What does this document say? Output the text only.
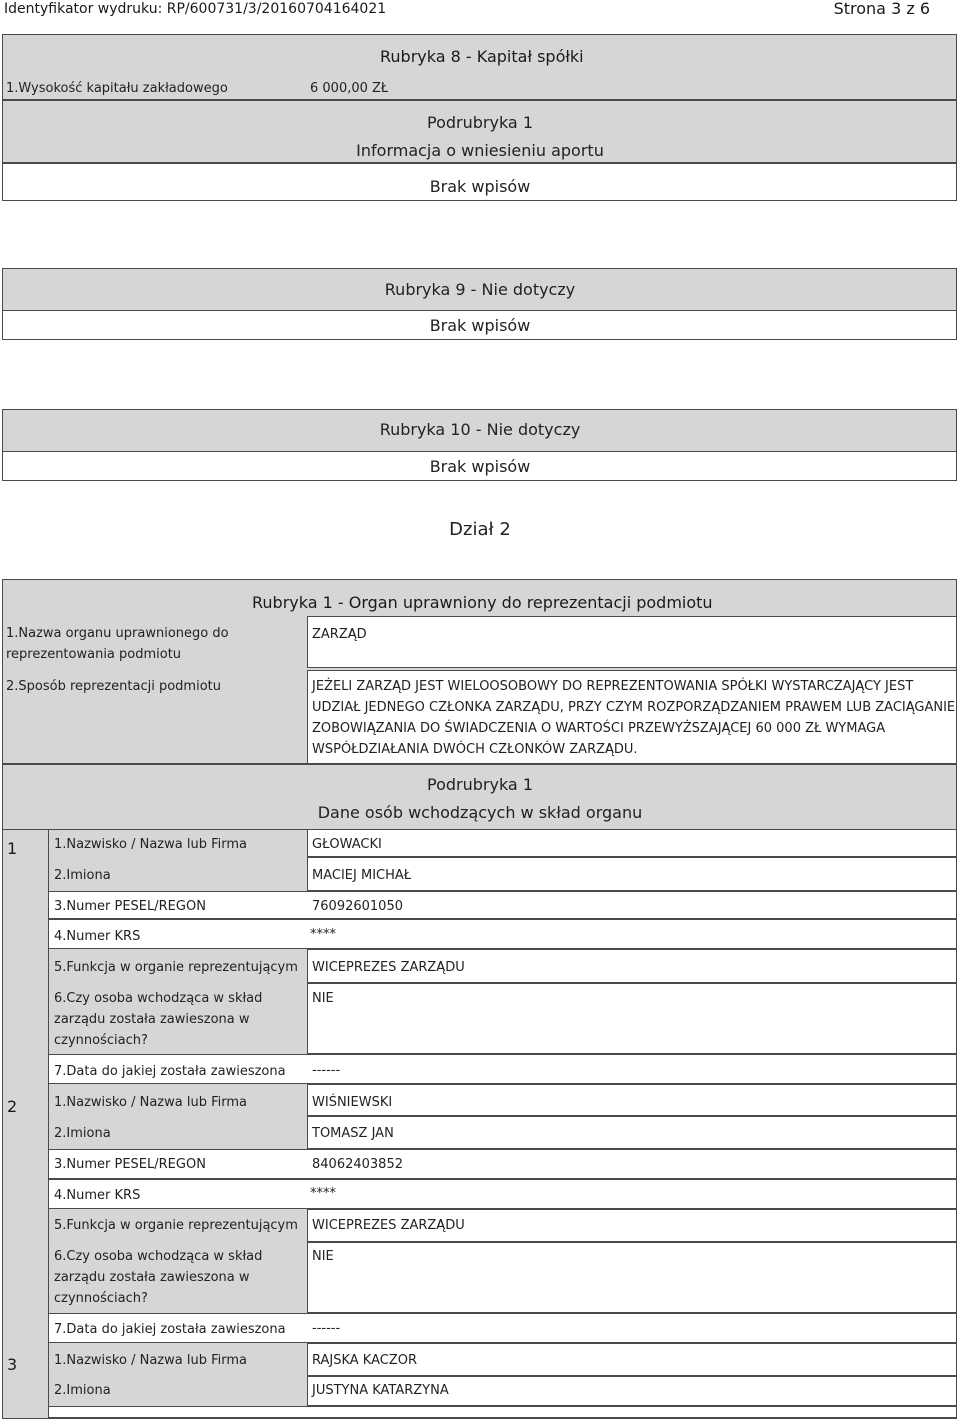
Identyfikator wydruku: RP/600731/3/20160704164021	Strona 3 z 6
Rubryka 8 - Kapitał spółki
1.Wysokość kapitału zakładowego	6 000,00 ZŁ
Podrubryka 1
Informacja o wniesieniu aportu
Brak wpisów
Rubryka 9 - Nie dotyczy
Brak wpisów
Rubryka 10 - Nie dotyczy
Brak wpisów
Dział 2
Rubryka 1 - Organ uprawniony do reprezentacji podmiotu
1.Nazwa organu uprawnionego do
reprezentowania podmiotu
ZARZĄD
2.Sposób reprezentacji podmiotu	JEŻELI ZARZĄD JEST WIELOOSOBOWY DO REPREZENTOWANIA SPÓŁKI WYSTARCZAJĄCY JEST
UDZIAŁ JEDNEGO CZŁONKA ZARZĄDU, PRZY CZYM ROZPORZĄDZANIEM PRAWEM LUB ZACIĄGANIE
ZOBOWIĄZANIA DO ŚWIADCZENIA O WARTOŚCI PRZEWYŻSZAJĄCEJ 60 000 ZŁ WYMAGA
WSPÓŁDZIAŁANIA DWÓCH CZŁONKÓW ZARZĄDU.
Podrubryka 1
Dane osób wchodzących w skład organu
1	1.Nazwisko / Nazwa lub Firma	GŁOWACKI
2.Imiona	MACIEJ MICHAŁ
3.Numer PESEL/REGON	76092601050
4.Numer KRS	****
5.Funkcja w organie reprezentującym WICEPREZES ZARZĄDU
6.Czy osoba wchodząca w skład
zarządu została zawieszona w
czynnościach?
NIE
7.Data do jakiej została zawieszona ------
2	1.Nazwisko / Nazwa lub Firma	WIŚNIEWSKI
2.Imiona	TOMASZ JAN
3.Numer PESEL/REGON	84062403852
4.Numer KRS	****
5.Funkcja w organie reprezentującym WICEPREZES ZARZĄDU
6.Czy osoba wchodząca w skład
zarządu została zawieszona w
czynnościach?
NIE
7.Data do jakiej została zawieszona ------
3	1.Nazwisko / Nazwa lub Firma	RAJSKA KACZOR
2.Imiona	JUSTYNA KATARZYNA
